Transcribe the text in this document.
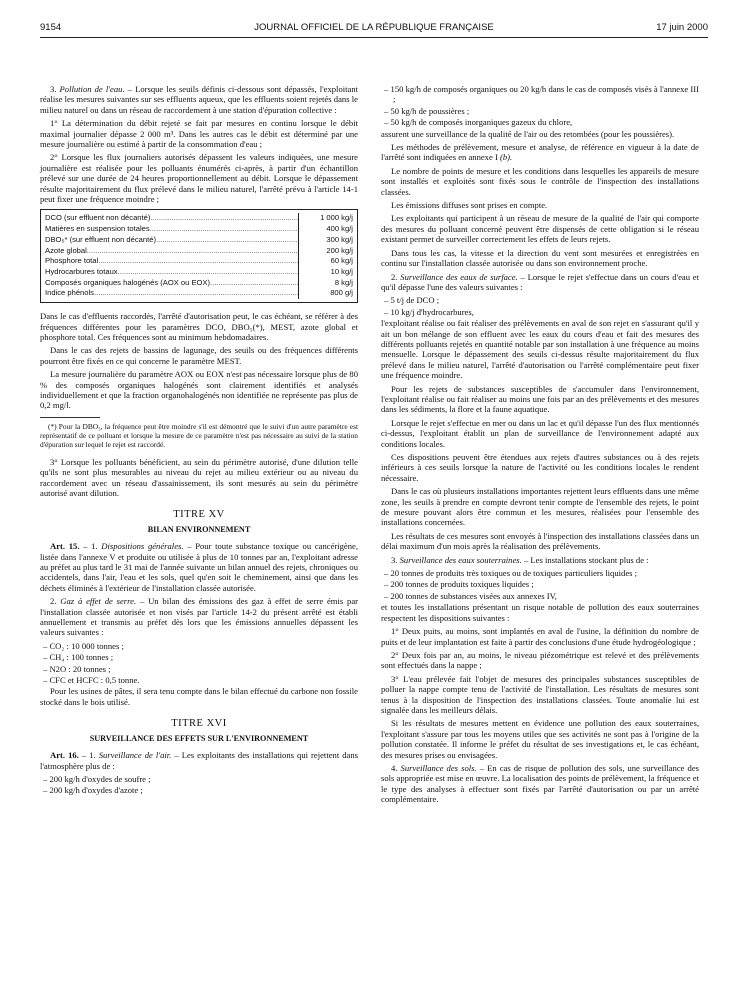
9154	JOURNAL OFFICIEL DE LA RÉPUBLIQUE FRANÇAISE	17 juin 2000

3. Pollution de l'eau. – Lorsque les seuils définis ci-dessous sont dépassés, l'exploitant réalise les mesures suivantes sur ses effluents aqueux, que les effluents soient rejetés dans le milieu naturel ou dans un réseau de raccordement à une station d'épuration collective :

1° La détermination du débit rejeté se fait par mesures en continu lorsque le débit maximal journalier dépasse 2 000 m³. Dans les autres cas le débit est déterminé par une mesure journalière ou estimé à partir de la consommation d'eau ;

2° Lorsque les flux journaliers autorisés dépassent les valeurs indiquées, une mesure journalière est réalisée pour les polluants énumérés ci-après, à partir d'un échantillon prélevé sur une durée de 24 heures proportionnellement au débit. Lorsque le dépassement résulte majoritairement du flux prélevé dans le milieu naturel, l'arrêté prévu à l'article 14-1 peut fixer une fréquence moindre ;

DCO (sur effluent non décanté) .....	1 000 kg/j
Matières en suspension totales .....	400 kg/j
DBO₅* (sur effluent non décanté) .....	300 kg/j
Azote global .....	200 kg/j
Phosphore total .....	60 kg/j
Hydrocarbures totaux .....	10 kg/j
Composés organiques halogénés (AOX ou EOX) .....	8 kg/j
Indice phénols .....	800 g/j

Dans le cas d'effluents raccordés, l'arrêté d'autorisation peut, le cas échéant, se référer à des fréquences différentes pour les paramètres DCO, DBO₅(*), MEST, azote global et phosphore total. Ces fréquences sont au minimum hebdomadaires.

Dans le cas des rejets de bassins de lagunage, des seuils ou des fréquences différents pourront être fixés en ce qui concerne le paramètre MEST.

La mesure journalière du paramètre AOX ou EOX n'est pas nécessaire lorsque plus de 80 % des composés organiques halogénés sont clairement identifiés et analysés individuellement et que la fraction organohalogénés non identifiée ne représente pas plus de 0,2 mg/l.

(*) Pour la DBO₅, la fréquence peut être moindre s'il est démontré que le suivi d'un autre paramètre est représentatif de ce polluant et lorsque la mesure de ce paramètre n'est pas nécessaire au suivi de la station d'épuration sur lequel le rejet est raccordé.

3° Lorsque les polluants bénéficient, au sein du périmètre autorisé, d'une dilution telle qu'ils ne sont plus mesurables au niveau du rejet au milieu extérieur ou au niveau du raccordement avec un réseau d'assainissement, ils sont mesurés au sein du périmètre autorisé avant dilution.

TITRE XV
BILAN ENVIRONNEMENT

Art. 15. – 1. Dispositions générales. – Pour toute substance toxique ou cancérigène, listée dans l'annexe V et produite ou utilisée à plus de 10 tonnes par an, l'exploitant adresse au préfet au plus tard le 31 mai de l'année suivante un bilan annuel des rejets, chroniques ou accidentels, dans l'air, l'eau et les sols, quel qu'en soit le cheminement, ainsi que dans les déchets éliminés à l'extérieur de l'installation classée autorisée.

2. Gaz à effet de serre. – Un bilan des émissions des gaz à effet de serre émis par l'installation classée autorisée et non visés par l'article 14-2 du présent arrêté est établi annuellement et transmis au préfet dès lors que les émissions annuelles dépassent les valeurs suivantes :

– CO₂ : 10 000 tonnes ;

– CH₄ : 100 tonnes ;

– N2O : 20 tonnes ;

– CFC et HCFC : 0,5 tonne.

Pour les usines de pâtes, il sera tenu compte dans le bilan effectué du carbone non fossile stocké dans le bois utilisé.

TITRE XVI
SURVEILLANCE DES EFFETS SUR L'ENVIRONNEMENT

Art. 16. – 1. Surveillance de l'air. – Les exploitants des installations qui rejettent dans l'atmosphère plus de :

– 200 kg/h d'oxydes de soufre ;

– 200 kg/h d'oxydes d'azote ;

– 150 kg/h de composés organiques ou 20 kg/h dans le cas de composés visés à l'annexe III ;

– 50 kg/h de poussières ;

– 50 kg/h de composés inorganiques gazeux du chlore,

assurent une surveillance de la qualité de l'air ou des retombées (pour les poussières).

Les méthodes de prélèvement, mesure et analyse, de référence en vigueur à la date de l'arrêté sont indiquées en annexe I (b).

Le nombre de points de mesure et les conditions dans lesquelles les appareils de mesure sont installés et exploités sont fixés sous le contrôle de l'inspection des installations classées.

Les émissions diffuses sont prises en compte.

Les exploitants qui participent à un réseau de mesure de la qualité de l'air qui comporte des mesures du polluant concerné peuvent être dispensés de cette obligation si le réseau existant permet de surveiller correctement les effets de leurs rejets.

Dans tous les cas, la vitesse et la direction du vent sont mesurées et enregistrées en continu sur l'installation classée autorisée ou dans son environnement proche.

2. Surveillance des eaux de surface. – Lorsque le rejet s'effectue dans un cours d'eau et qu'il dépasse l'une des valeurs suivantes :

– 5 t/j de DCO ;

– 10 kg/j d'hydrocarbures,

l'exploitant réalise ou fait réaliser des prélèvements en aval de son rejet en s'assurant qu'il y ait un bon mélange de son effluent avec les eaux du cours d'eau et fait des mesures des différents polluants rejetés en quantité notable par son installation à une fréquence au moins mensuelle. Lorsque le dépassement des seuils ci-dessus résulte majoritairement du flux prélevé dans le milieu naturel, l'arrêté d'autorisation ou l'arrêté complémentaire peut fixer une fréquence moindre.

Pour les rejets de substances susceptibles de s'accumuler dans l'environnement, l'exploitant réalise ou fait réaliser au moins une fois par an des prélèvements et des mesures dans les sédiments, la flore et la faune aquatique.

Lorsque le rejet s'effectue en mer ou dans un lac et qu'il dépasse l'un des flux mentionnés ci-dessus, l'exploitant établit un plan de surveillance de l'environnement adapté aux conditions locales.

Ces dispositions peuvent être étendues aux rejets d'autres substances ou à des rejets inférieurs à ces seuils lorsque la nature de l'activité ou les conditions locales le rendent nécessaire.

Dans le cas où plusieurs installations importantes rejettent leurs effluents dans une même zone, les seuils à prendre en compte devront tenir compte de l'ensemble des rejets, le point de mesure pouvant alors être commun et les mesures, réalisées pour l'ensemble des installations concernées.

Les résultats de ces mesures sont envoyés à l'inspection des installations classées dans un délai maximum d'un mois après la réalisation des prélèvements.

3. Surveillance des eaux souterraines. – Les installations stockant plus de :

– 20 tonnes de produits très toxiques ou de toxiques particuliers liquides ;

– 200 tonnes de produits toxiques liquides ;

– 200 tonnes de substances visées aux annexes IV,

et toutes les installations présentant un risque notable de pollution des eaux souterraines respectent les dispositions suivantes :

1° Deux puits, au moins, sont implantés en aval de l'usine, la définition du nombre de puits et de leur implantation est faite à partir des conclusions d'une étude hydrogéologique ;

2° Deux fois par an, au moins, le niveau piézométrique est relevé et des prélèvements sont effectués dans la nappe ;

3° L'eau prélevée fait l'objet de mesures des principales substances susceptibles de polluer la nappe compte tenu de l'activité de l'installation. Les résultats de mesures sont tenus à la disposition de l'inspection des installations classées. Toute anomalie lui est signalée dans les meilleurs délais.

Si les résultats de mesures mettent en évidence une pollution des eaux souterraines, l'exploitant s'assure par tous les moyens utiles que ses activités ne sont pas à l'origine de la pollution constatée. Il informe le préfet du résultat de ses investigations et, le cas échéant, des mesures prises ou envisagées.

4. Surveillance des sols. – En cas de risque de pollution des sols, une surveillance des sols appropriée est mise en œuvre. La localisation des points de prélèvement, la fréquence et le type des analyses à effectuer sont fixés par l'arrêté d'autorisation ou par un arrêté complémentaire.
